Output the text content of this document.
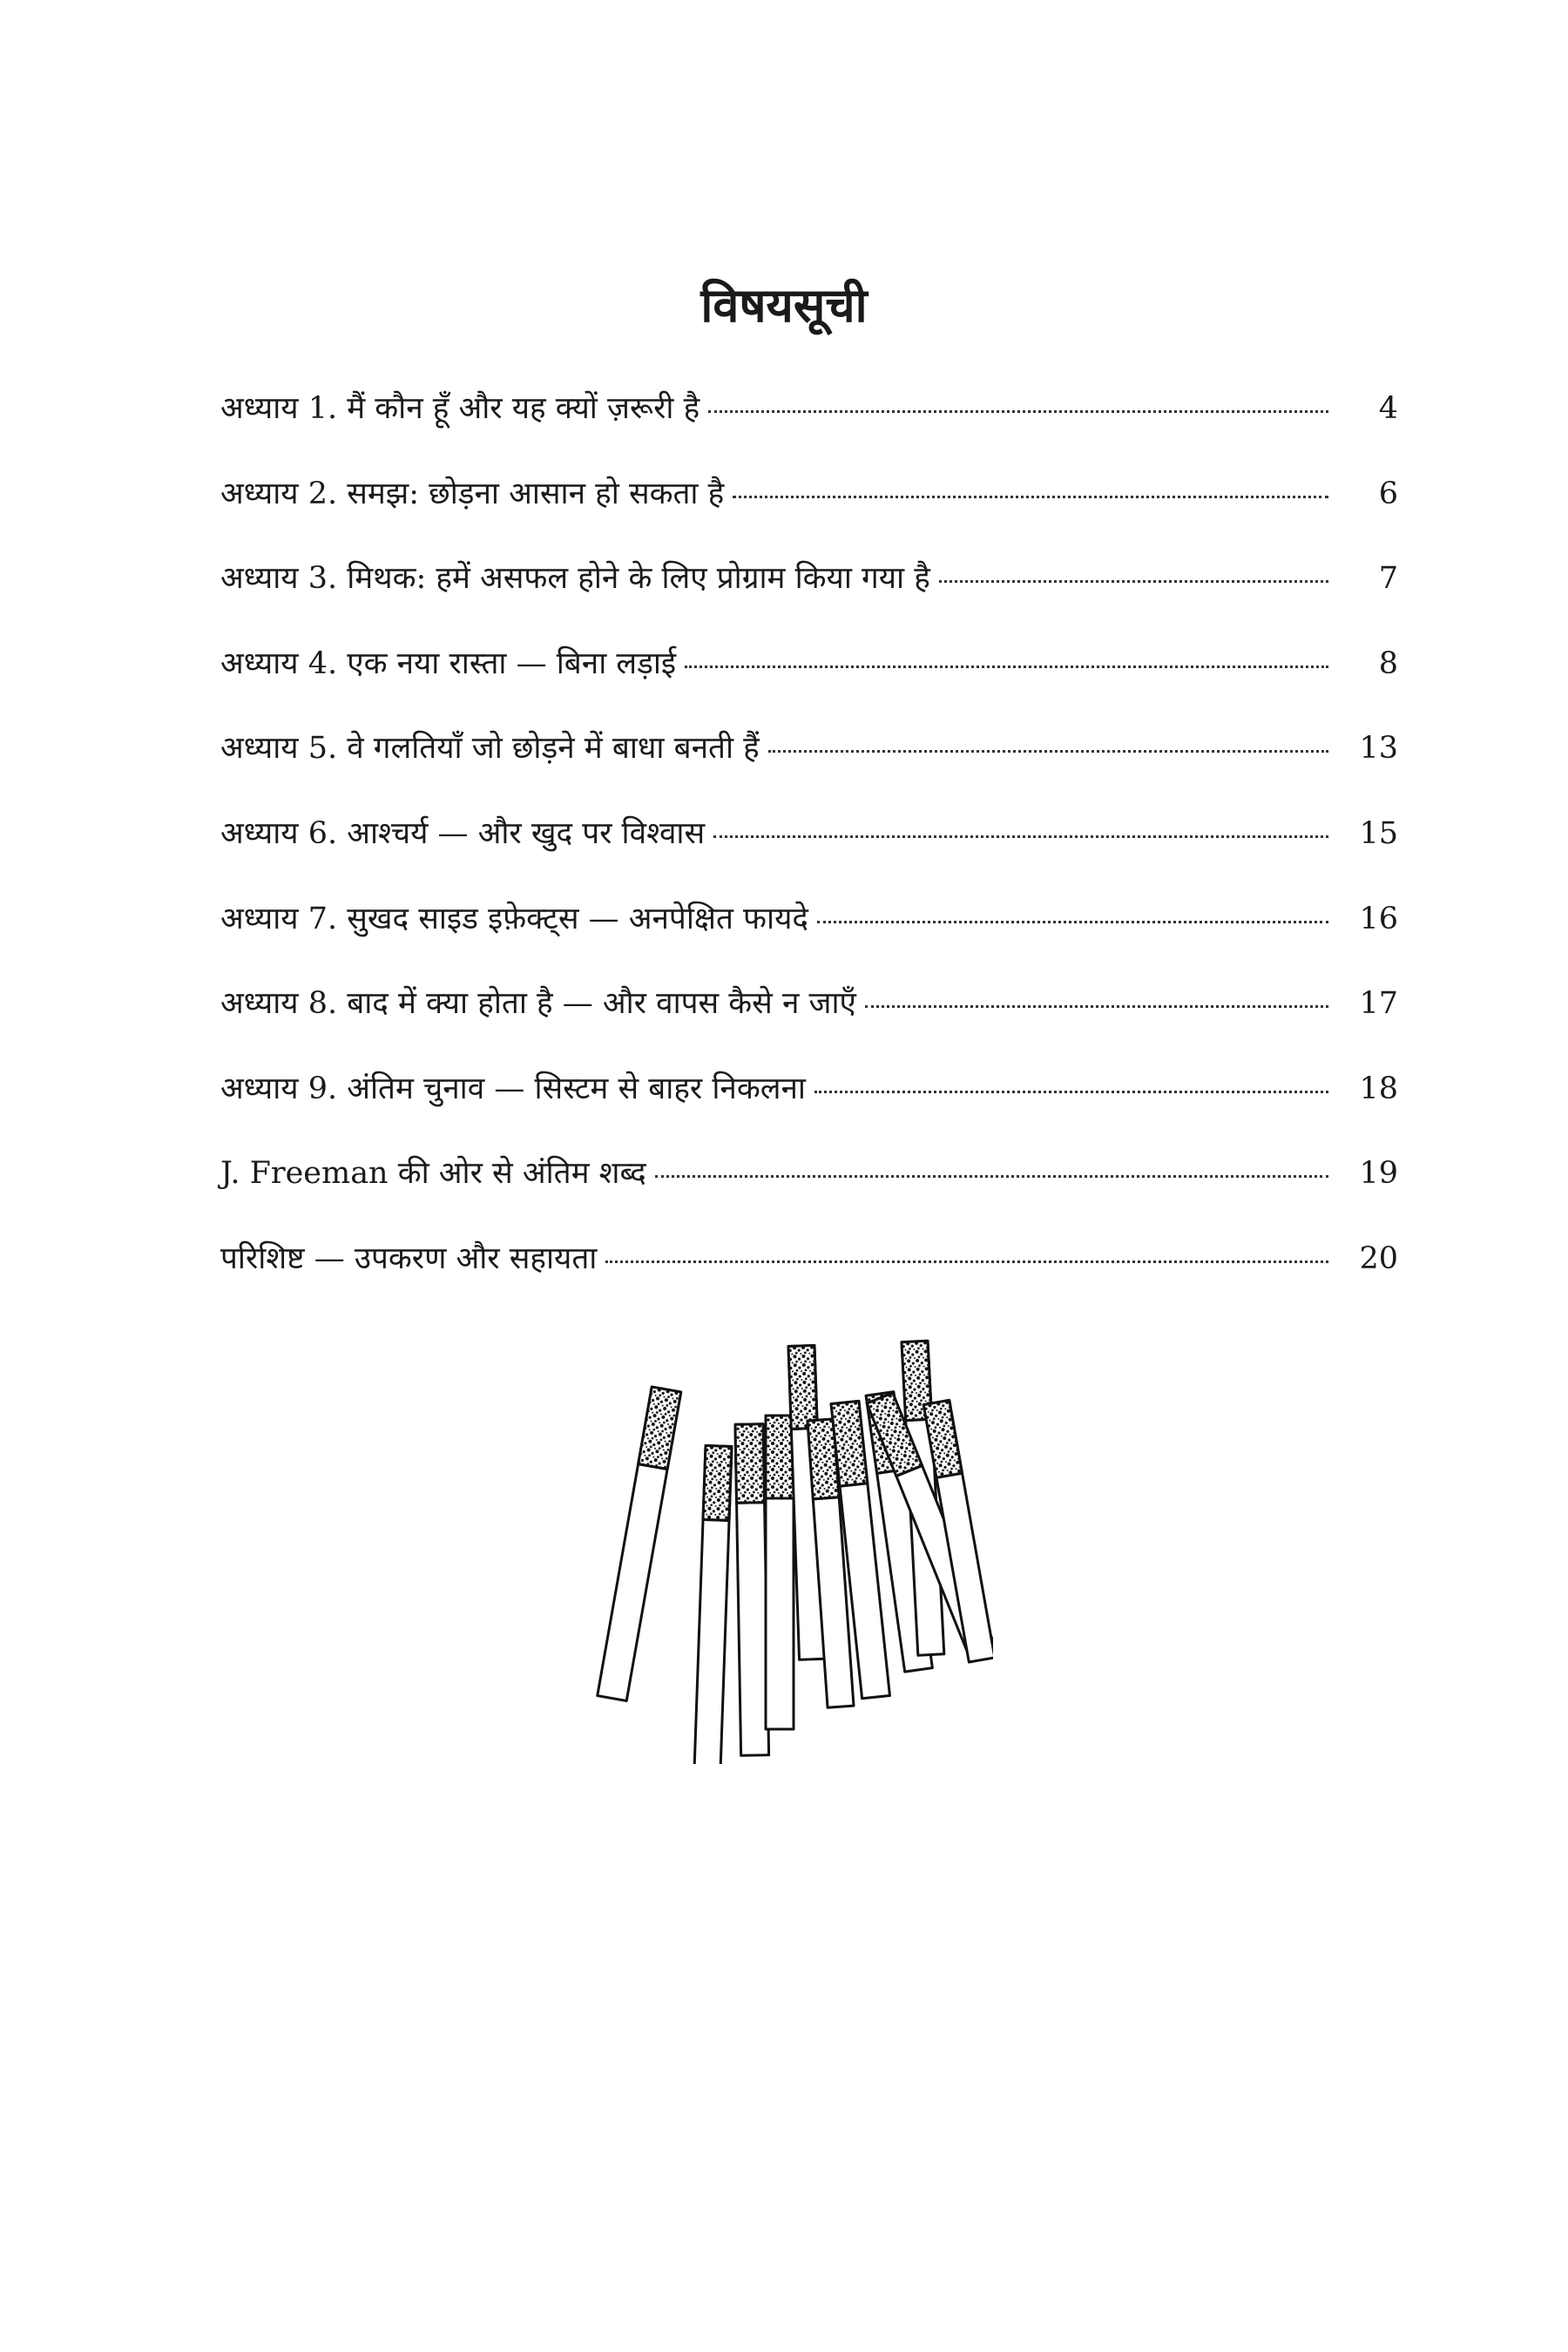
विषयसूची
अध्याय 1. मैं कौन हूँ और यह क्यों ज़रूरी है	4
अध्याय 2. समझ: छोड़ना आसान हो सकता है	6
अध्याय 3. मिथक: हमें असफल होने के लिए प्रोग्राम किया गया है	7
अध्याय 4. एक नया रास्ता — बिना लड़ाई	8
अध्याय 5. वे गलतियाँ जो छोड़ने में बाधा बनती हैं	13
अध्याय 6. आश्चर्य — और खुद पर विश्वास	15
अध्याय 7. सुखद साइड इफ़ेक्ट्स — अनपेक्षित फायदे	16
अध्याय 8. बाद में क्या होता है — और वापस कैसे न जाएँ	17
अध्याय 9. अंतिम चुनाव — सिस्टम से बाहर निकलना	18
J. Freeman की ओर से अंतिम शब्द	19
परिशिष्ट — उपकरण और सहायता	20
